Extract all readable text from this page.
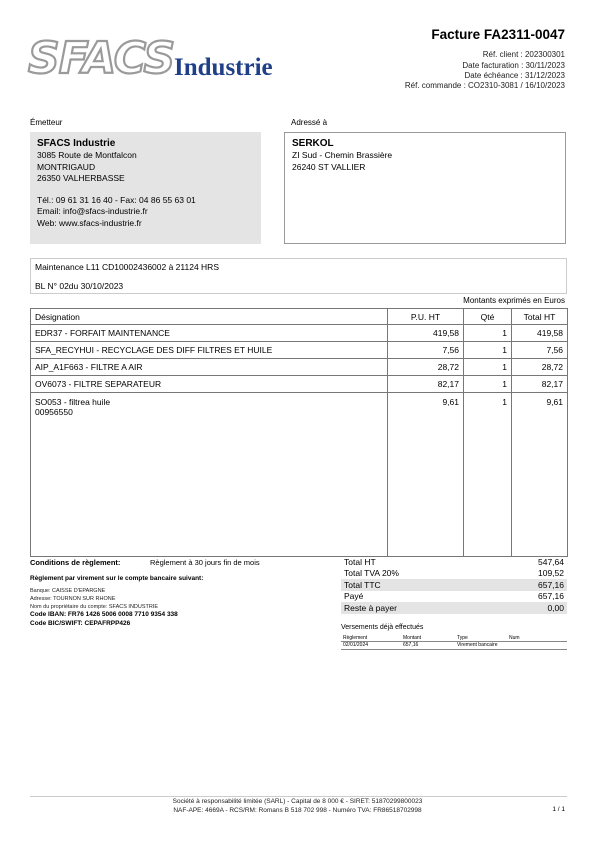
SFACS Industrie
Facture FA2311-0047
Réf. client : 202300301
Date facturation : 30/11/2023
Date échéance : 31/12/2023
Réf. commande : CO2310-3081 / 16/10/2023
Émetteur
SFACS Industrie
3085 Route de Montfalcon
MONTRIGAUD
26350 VALHERBASSE
Tél.: 09 61 31 16 40 - Fax: 04 86 55 63 01
Email: info@sfacs-industrie.fr
Web: www.sfacs-industrie.fr
Adressé à
SERKOL
ZI Sud - Chemin Brassière
26240 ST VALLIER
Maintenance L11 CD10002436002 à 21124 HRS
BL N° 02du 30/10/2023
Montants exprimés en Euros
Désignation	P.U. HT	Qté	Total HT
EDR37 - FORFAIT MAINTENANCE	419,58	1	419,58
SFA_RECYHUI - RECYCLAGE DES DIFF FILTRES ET HUILE	7,56	1	7,56
AIP_A1F663 - FILTRE A AIR	28,72	1	28,72
OV6073 - FILTRE SEPARATEUR	82,17	1	82,17

SO053 - filtrea huile
00956550	9,61	1	9,61
Conditions de règlement:	Règlement à 30 jours fin de mois
Règlement par virement sur le compte bancaire suivant:
Banque: CAISSE D'EPARGNE
Adresse: TOURNON SUR RHONE
Nom du propriétaire du compte: SFACS INDUSTRIE
Code IBAN: FR76 1426 5006 0008 7710 9354 338
Code BIC/SWIFT: CEPAFRPP426
Total HT	547,64
Total TVA 20%	109,52
Total TTC	657,16
Payé	657,16
Reste à payer	0,00
Versements déjà effectués
Règlement	Montant	Type	Num
02/01/2024	657,16	Virement bancaire	
Société à responsabilité limitée (SARL) - Capital de 8 000 € - SIRET: 51870299800023
NAF-APE: 4669A - RCS/RM: Romans B 518 702 998 - Numéro TVA: FR86518702998	1 / 1
